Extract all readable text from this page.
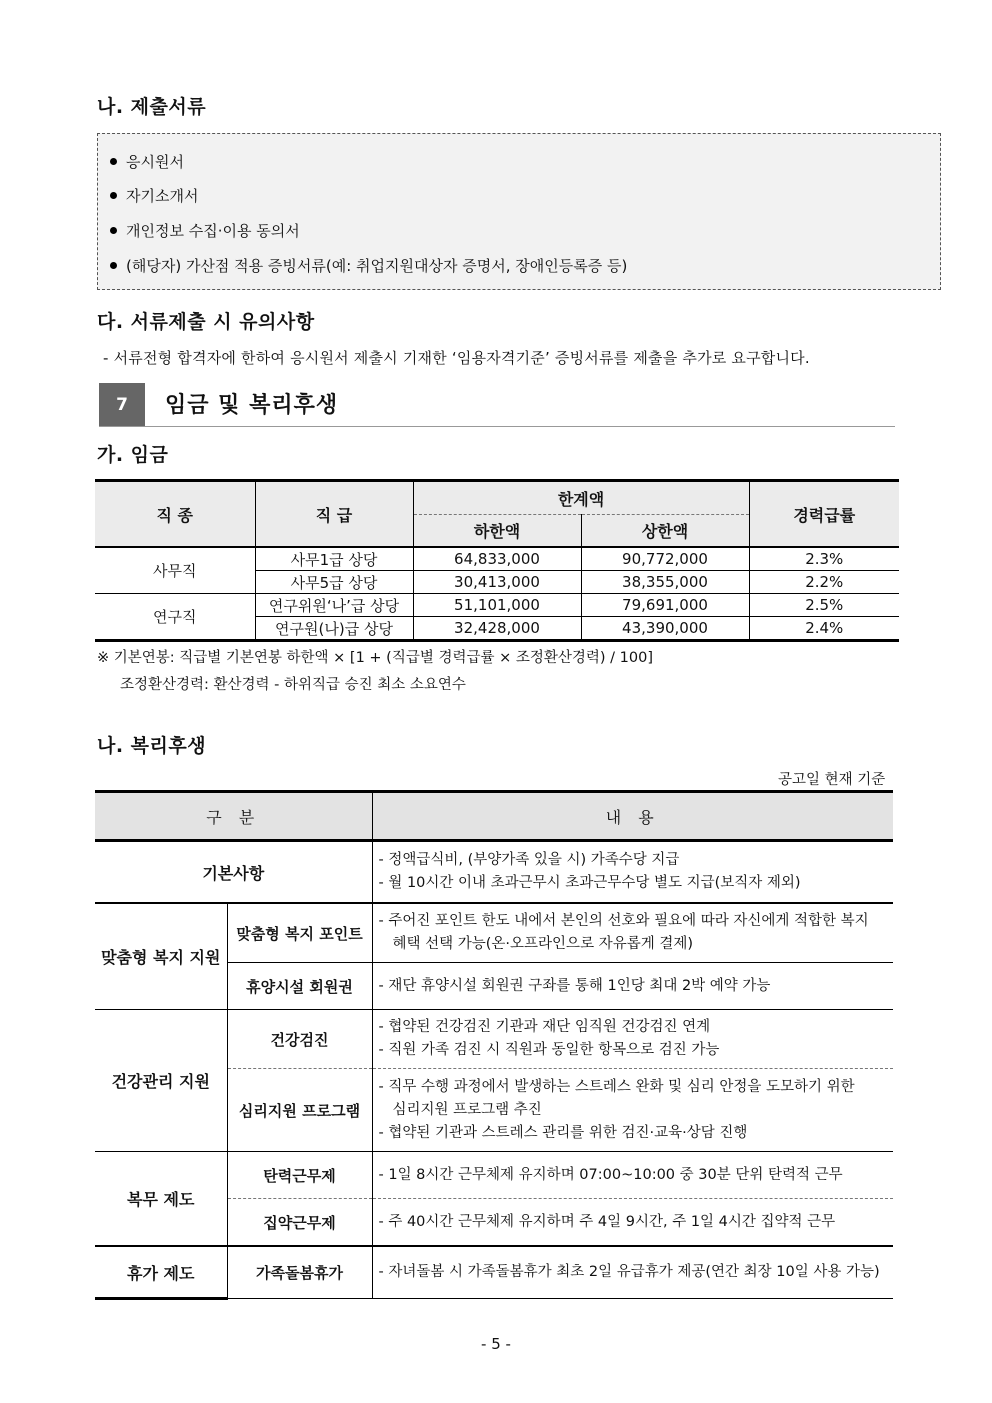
나. 제출서류
응시원서
자기소개서
개인정보 수집·이용 동의서
(해당자) 가산점 적용 증빙서류(예: 취업지원대상자 증명서, 장애인등록증 등)
다. 서류제출 시 유의사항
- 서류전형 합격자에 한하여 응시원서 제출시 기재한 ‘임용자격기준’ 증빙서류를 제출을 추가로 요구합니다.
7	임금 및 복리후생
가. 임금
직 종	직 급	한계액		경력급률
		하한액	상한액	
사무직	사무1급 상당	64,833,000	90,772,000	2.3%
	사무5급 상당	30,413,000	38,355,000	2.2%
연구직	연구위원‘나’급 상당	51,101,000	79,691,000	2.5%
	연구원(나)급 상당	32,428,000	43,390,000	2.4%
※ 기본연봉: 직급별 기본연봉 하한액 × [1 + (직급별 경력급률 × 조정환산경력) / 100]
조정환산경력: 환산경력 - 하위직급 승진 최소 소요연수
나. 복리후생
공고일 현재 기준
구 분		내 용
기본사항		- 정액급식비, (부양가족 있을 시) 가족수당 지급
- 월 10시간 이내 초과근무시 초과근무수당 별도 지급(보직자 제외)

맞춤형 복지 지원	맞춤형 복지 포인트	- 주어진 포인트 한도 내에서 본인의 선호와 필요에 따라 자신에게 적합한 복지
혜택 선택 가능(온·오프라인으로 자유롭게 결제)

	휴양시설 회원권	- 재단 휴양시설 회원권 구좌를 통해 1인당 최대 2박 예약 가능

건강관리 지원	건강검진	- 협약된 건강검진 기관과 재단 임직원 건강검진 연계
- 직원 가족 검진 시 직원과 동일한 항목으로 검진 가능

	심리지원 프로그램	- 직무 수행 과정에서 발생하는 스트레스 완화 및 심리 안정을 도모하기 위한
심리지원 프로그램 추진
- 협약된 기관과 스트레스 관리를 위한 검진·교육·상담 진행

복무 제도	탄력근무제	- 1일 8시간 근무체제 유지하며 07:00~10:00 중 30분 단위 탄력적 근무

	집약근무제	- 주 40시간 근무체제 유지하며 주 4일 9시간, 주 1일 4시간 집약적 근무

휴가 제도	가족돌봄휴가	- 자녀돌봄 시 가족돌봄휴가 최초 2일 유급휴가 제공(연간 최장 10일 사용 가능)
- 5 -
